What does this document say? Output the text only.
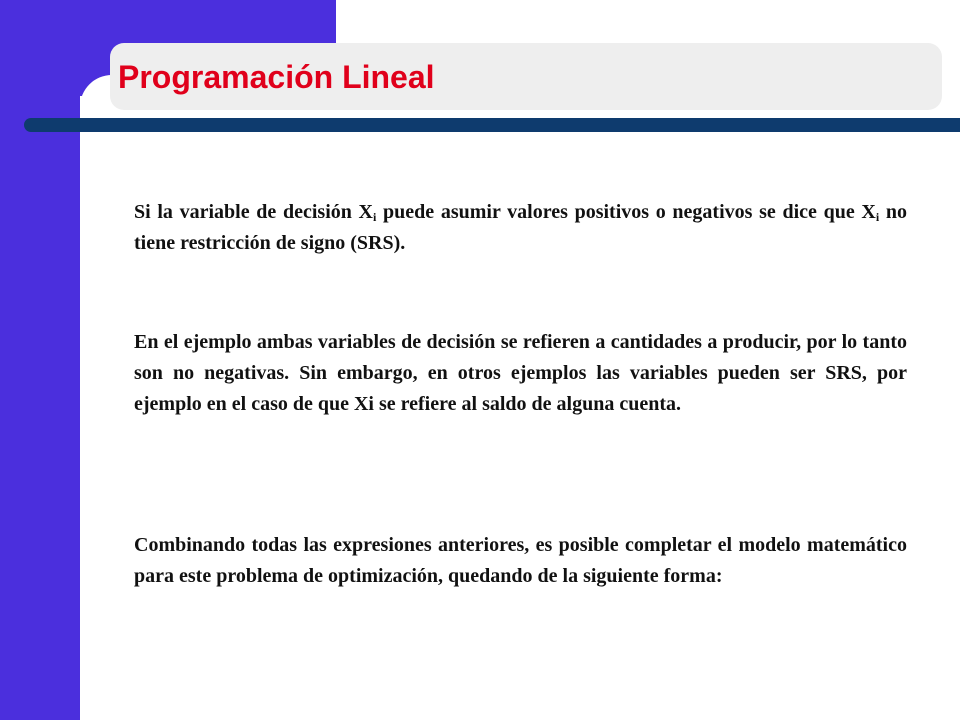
Programación Lineal

Si la variable de decisión $X_i$ puede asumir valores positivos o negativos se dice que $X_i$ no tiene restricción de signo (SRS).

En el ejemplo ambas variables de decisión se refieren a cantidades a producir, por lo tanto son no negativas. Sin embargo, en otros ejemplos las variables pueden ser SRS, por ejemplo en el caso de que Xi se refiere al saldo de alguna cuenta.

Combinando todas las expresiones anteriores, es posible completar el modelo matemático para este problema de optimización, quedando de la siguiente forma:
